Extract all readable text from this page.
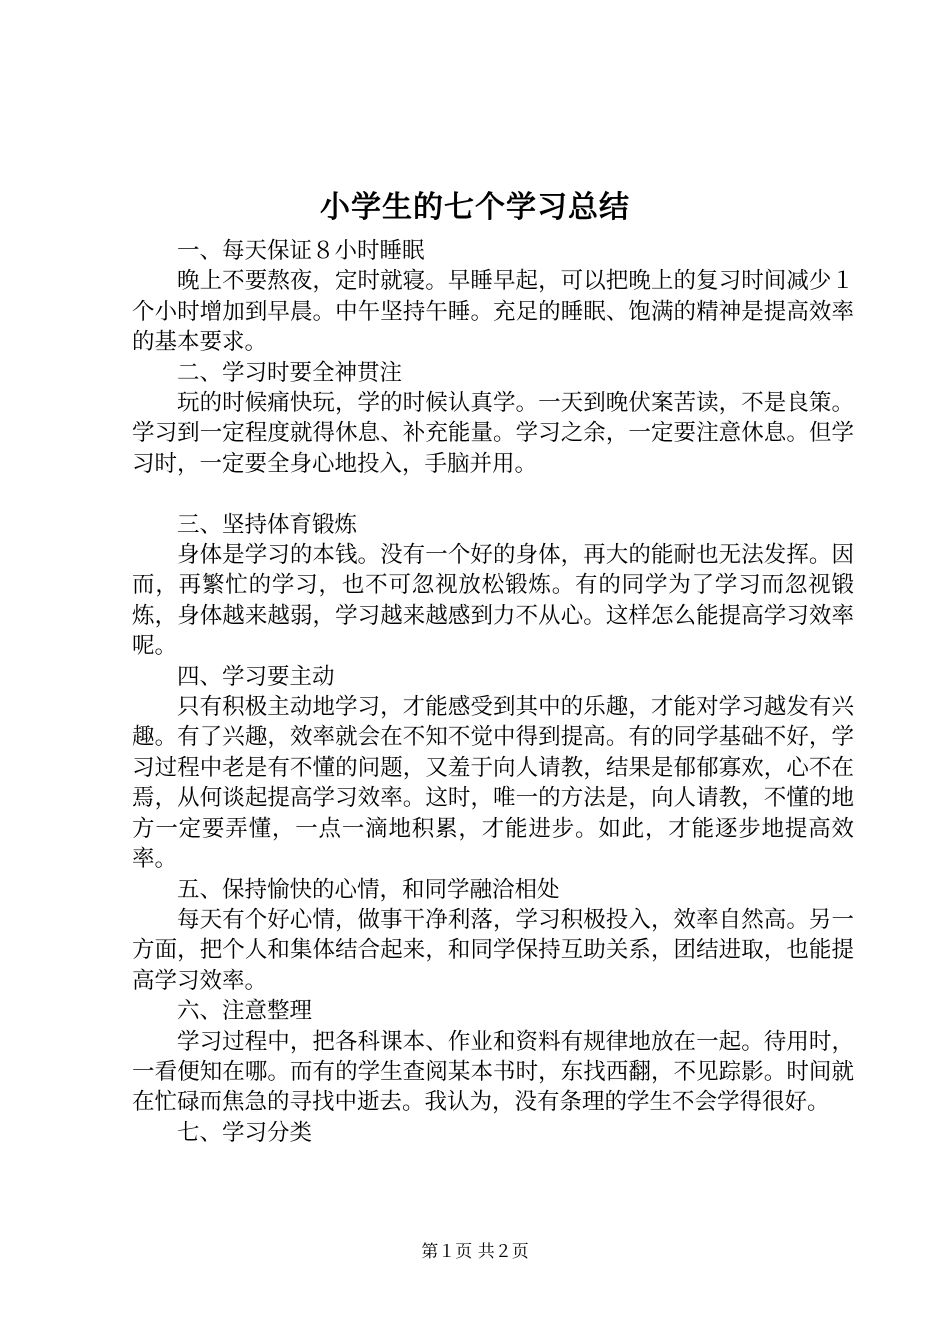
小学生的七个学习总结

一、每天保证８小时睡眠

晚上不要熬夜，定时就寝。早睡早起，可以把晚上的复习时间减少１个小时增加到早晨。中午坚持午睡。充足的睡眠、饱满的精神是提高效率的基本要求。

二、学习时要全神贯注

玩的时候痛快玩，学的时候认真学。一天到晚伏案苦读，不是良策。学习到一定程度就得休息、补充能量。学习之余，一定要注意休息。但学习时，一定要全身心地投入，手脑并用。

三、坚持体育锻炼

身体是学习的本钱。没有一个好的身体，再大的能耐也无法发挥。因而，再繁忙的学习，也不可忽视放松锻炼。有的同学为了学习而忽视锻炼，身体越来越弱，学习越来越感到力不从心。这样怎么能提高学习效率呢。

四、学习要主动

只有积极主动地学习，才能感受到其中的乐趣，才能对学习越发有兴趣。有了兴趣，效率就会在不知不觉中得到提高。有的同学基础不好，学习过程中老是有不懂的问题，又羞于向人请教，结果是郁郁寡欢，心不在焉，从何谈起提高学习效率。这时，唯一的方法是，向人请教，不懂的地方一定要弄懂，一点一滴地积累，才能进步。如此，才能逐步地提高效率。

五、保持愉快的心情，和同学融洽相处

每天有个好心情，做事干净利落，学习积极投入，效率自然高。另一方面，把个人和集体结合起来，和同学保持互助关系，团结进取，也能提高学习效率。

六、注意整理

学习过程中，把各科课本、作业和资料有规律地放在一起。待用时，一看便知在哪。而有的学生查阅某本书时，东找西翻，不见踪影。时间就在忙碌而焦急的寻找中逝去。我认为，没有条理的学生不会学得很好。

七、学习分类

第１页 共２页
